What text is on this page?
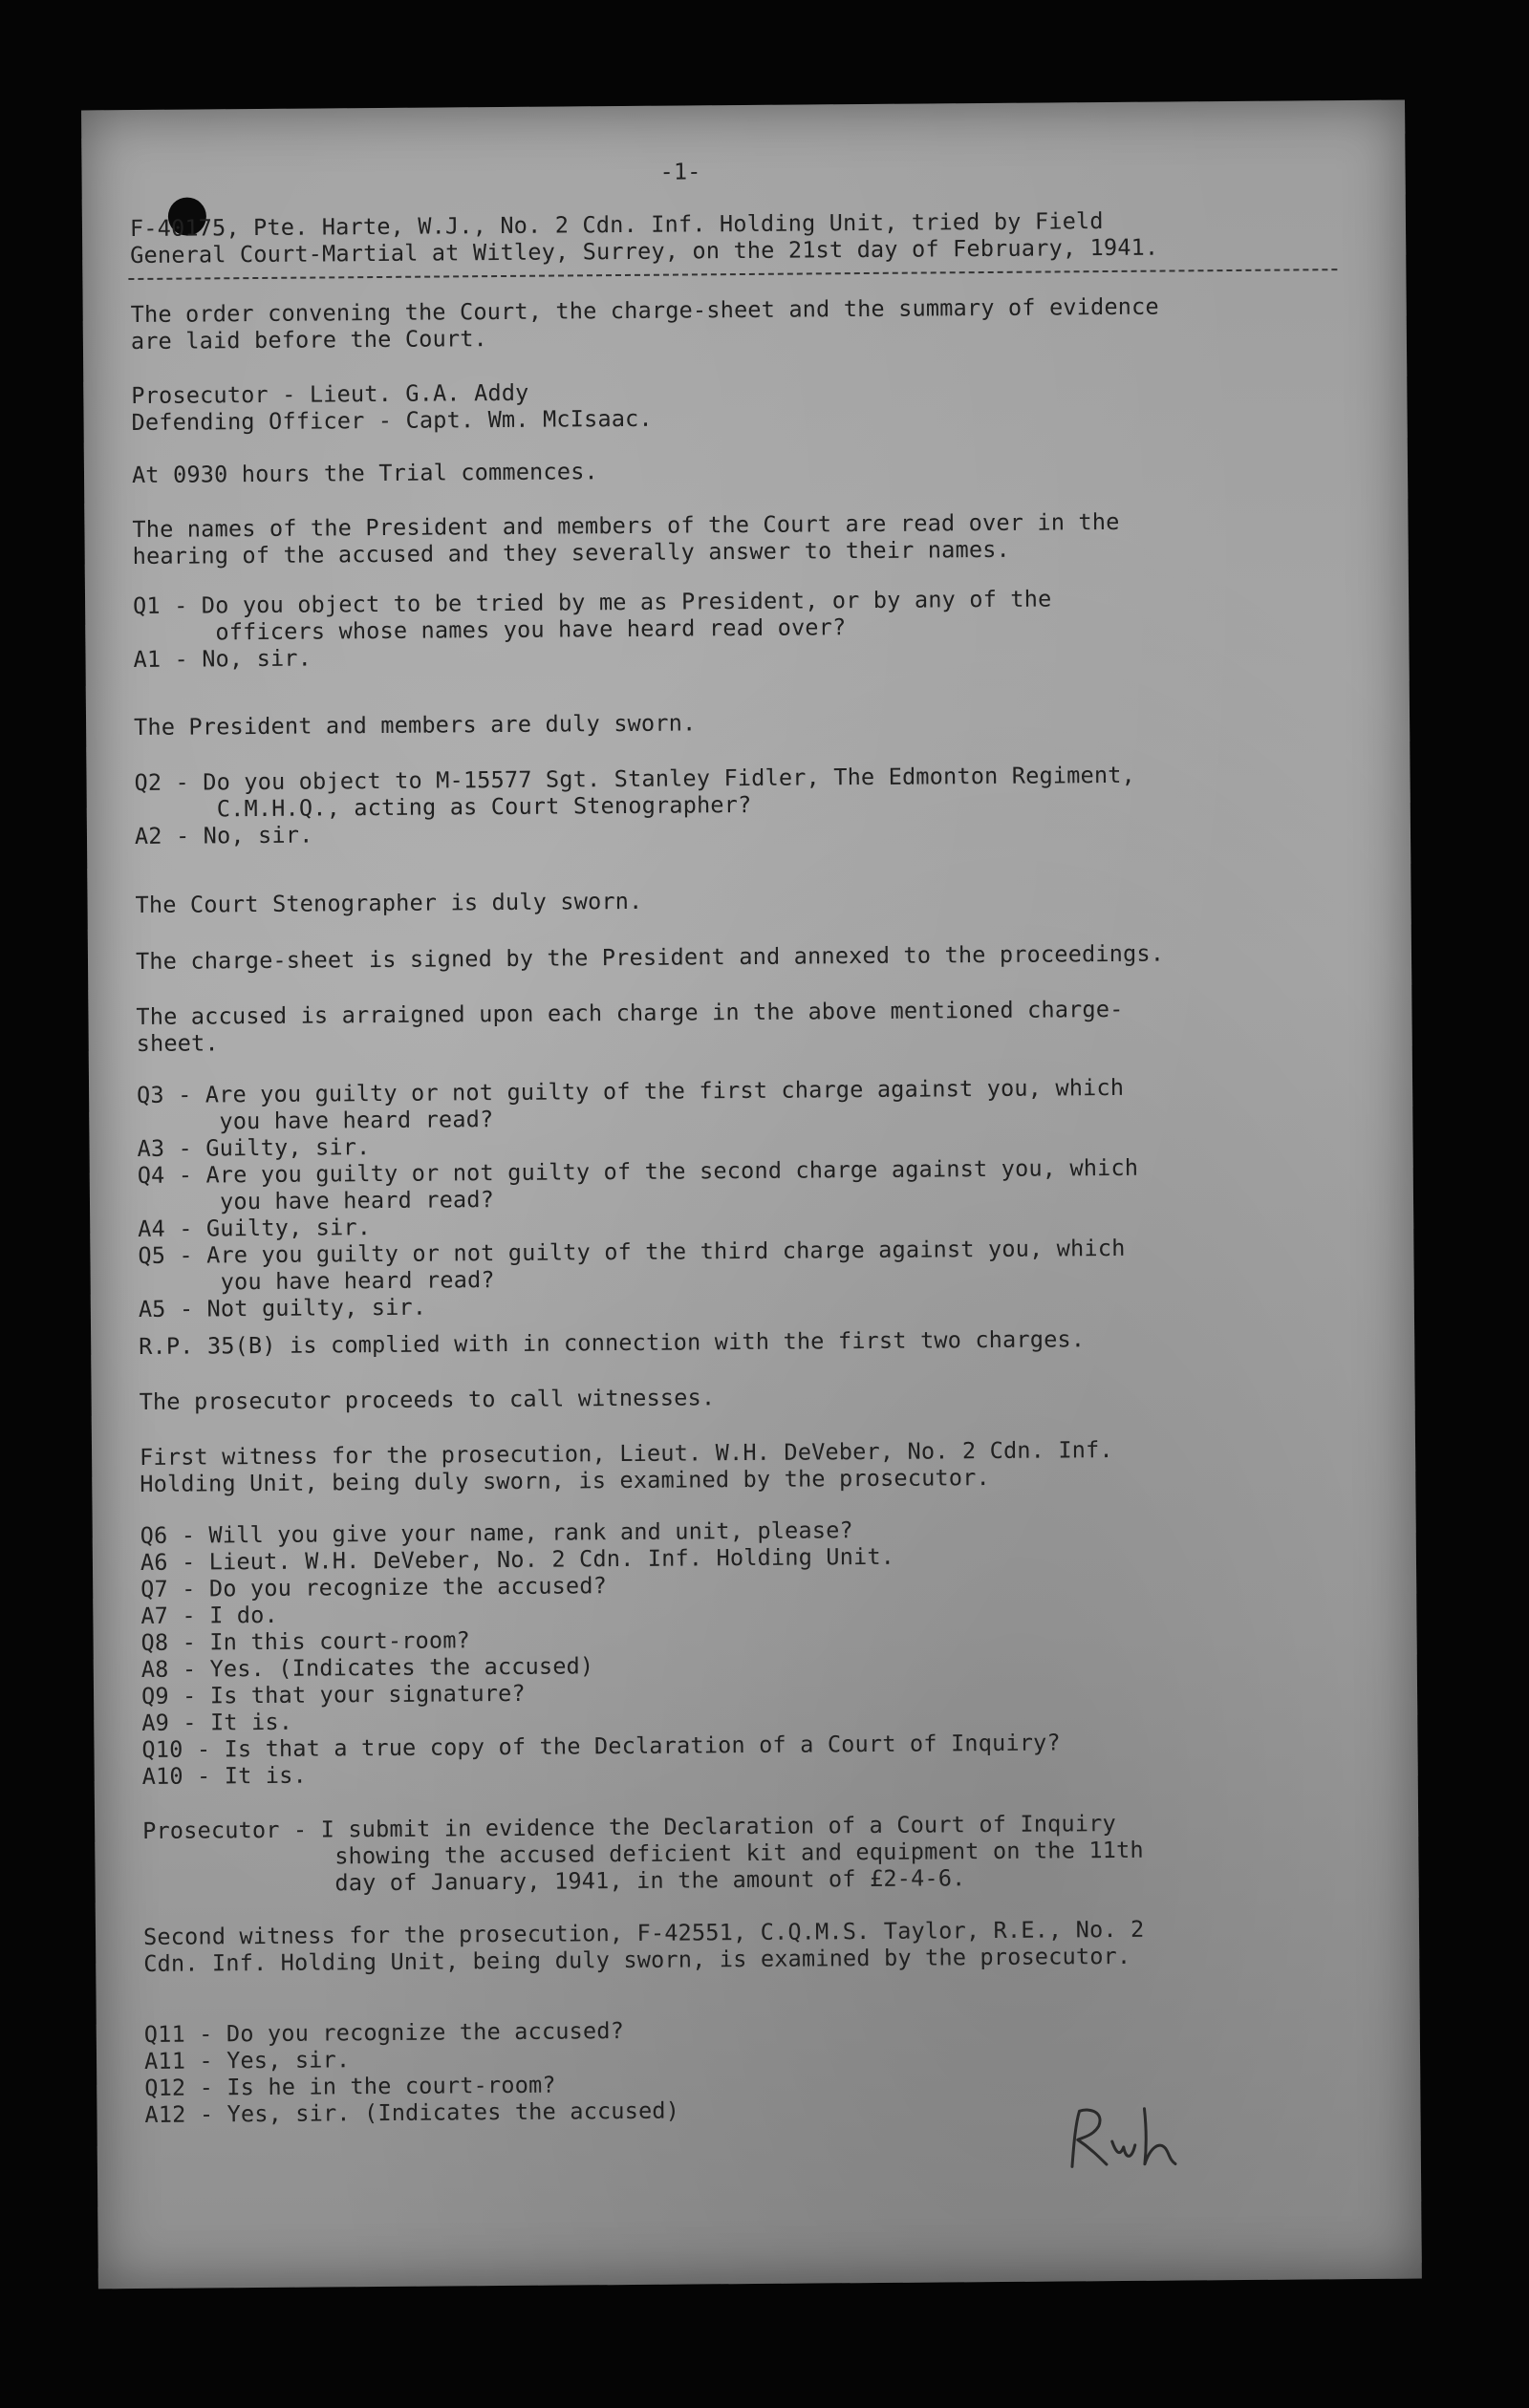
-1-

F-40175, Pte. Harte, W.J., No. 2 Cdn. Inf. Holding Unit, tried by Field
General Court-Martial at Witley, Surrey, on the 21st day of February, 1941.

The order convening the Court, the charge-sheet and the summary of evidence
are laid before the Court.

Prosecutor - Lieut. G.A. Addy
Defending Officer - Capt. Wm. McIsaac.

At 0930 hours the Trial commences.

The names of the President and members of the Court are read over in the
hearing of the accused and they severally answer to their names.

Q1 - Do you object to be tried by me as President, or by any of the
officers whose names you have heard read over?
A1 - No, sir.

The President and members are duly sworn.

Q2 - Do you object to M-15577 Sgt. Stanley Fidler, The Edmonton Regiment,
C.M.H.Q., acting as Court Stenographer?
A2 - No, sir.

The Court Stenographer is duly sworn.

The charge-sheet is signed by the President and annexed to the proceedings.

The accused is arraigned upon each charge in the above mentioned charge-
sheet.

Q3 - Are you guilty or not guilty of the first charge against you, which
you have heard read?
A3 - Guilty, sir.
Q4 - Are you guilty or not guilty of the second charge against you, which
you have heard read?
A4 - Guilty, sir.
Q5 - Are you guilty or not guilty of the third charge against you, which
you have heard read?
A5 - Not guilty, sir.

R.P. 35(B) is complied with in connection with the first two charges.

The prosecutor proceeds to call witnesses.

First witness for the prosecution, Lieut. W.H. DeVeber, No. 2 Cdn. Inf.
Holding Unit, being duly sworn, is examined by the prosecutor.

Q6 - Will you give your name, rank and unit, please?
A6 - Lieut. W.H. DeVeber, No. 2 Cdn. Inf. Holding Unit.
Q7 - Do you recognize the accused?
A7 - I do.
Q8 - In this court-room?
A8 - Yes. (Indicates the accused)
Q9 - Is that your signature?
A9 - It is.
Q10 - Is that a true copy of the Declaration of a Court of Inquiry?
A10 - It is.

Prosecutor - I submit in evidence the Declaration of a Court of Inquiry
showing the accused deficient kit and equipment on the 11th
day of January, 1941, in the amount of £2-4-6.

Second witness for the prosecution, F-42551, C.Q.M.S. Taylor, R.E., No. 2
Cdn. Inf. Holding Unit, being duly sworn, is examined by the prosecutor.

Q11 - Do you recognize the accused?
A11 - Yes, sir.
Q12 - Is he in the court-room?
A12 - Yes, sir. (Indicates the accused)
